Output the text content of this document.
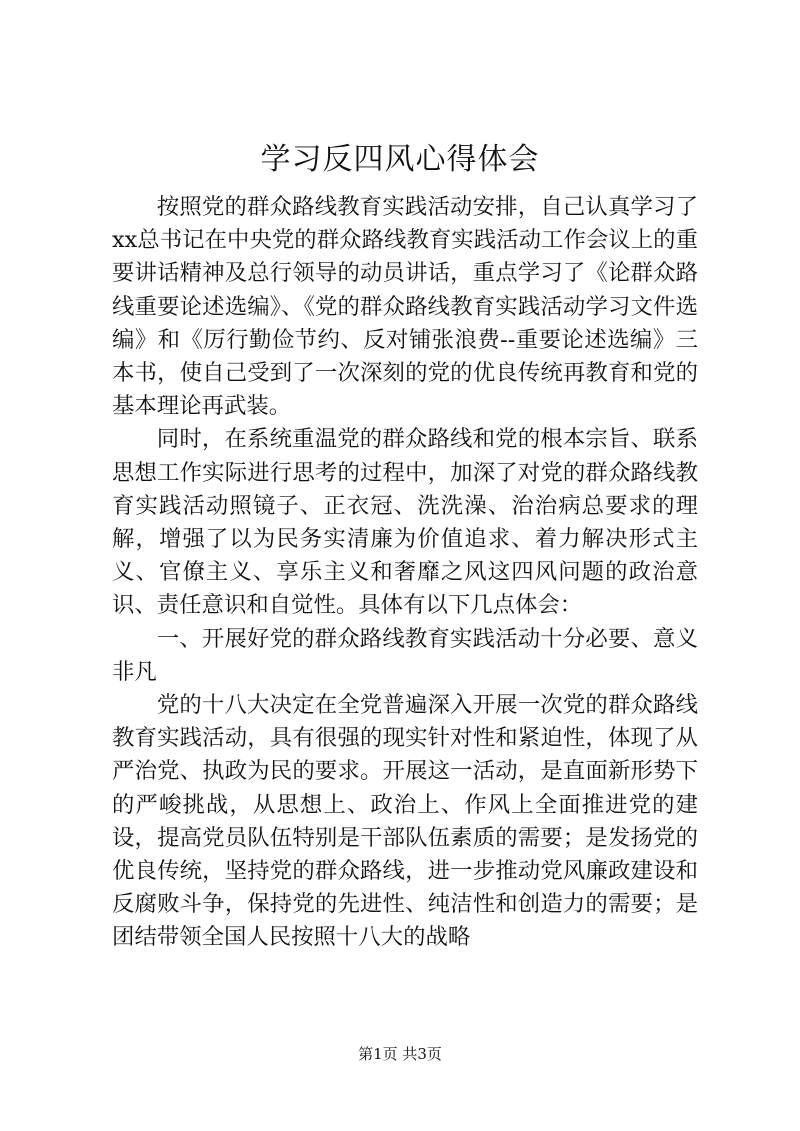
学习反四风心得体会

按照党的群众路线教育实践活动安排，自己认真学习了xx总书记在中央党的群众路线教育实践活动工作会议上的重要讲话精神及总行领导的动员讲话，重点学习了《论群众路线重要论述选编》、《党的群众路线教育实践活动学习文件选编》和《厉行勤俭节约、反对铺张浪费--重要论述选编》三本书，使自己受到了一次深刻的党的优良传统再教育和党的基本理论再武装。

同时，在系统重温党的群众路线和党的根本宗旨、联系思想工作实际进行思考的过程中，加深了对党的群众路线教育实践活动照镜子、正衣冠、洗洗澡、治治病总要求的理解，增强了以为民务实清廉为价值追求、着力解决形式主义、官僚主义、享乐主义和奢靡之风这四风问题的政治意识、责任意识和自觉性。具体有以下几点体会：

一、开展好党的群众路线教育实践活动十分必要、意义非凡

党的十八大决定在全党普遍深入开展一次党的群众路线教育实践活动，具有很强的现实针对性和紧迫性，体现了从严治党、执政为民的要求。开展这一活动，是直面新形势下的严峻挑战，从思想上、政治上、作风上全面推进党的建设，提高党员队伍特别是干部队伍素质的需要；是发扬党的优良传统，坚持党的群众路线，进一步推动党风廉政建设和反腐败斗争，保持党的先进性、纯洁性和创造力的需要；是团结带领全国人民按照十八大的战略

第1页 共3页
